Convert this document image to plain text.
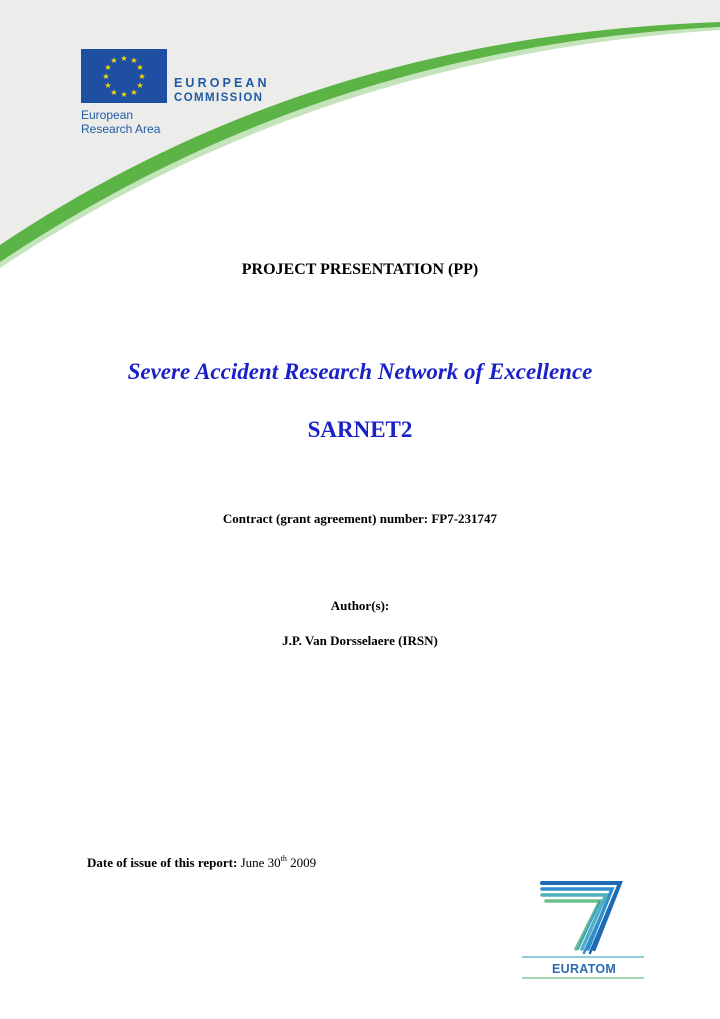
★ ★
★
★
★
★
★
★
★
★
★
★
EUROPEAN
COMMISSION
European
Research Area
PROJECT PRESENTATION (PP)
Severe Accident Research Network of Excellence
SARNET2
Contract (grant agreement) number: FP7-231747
Author(s):
J.P. Van Dorsselaere (IRSN)
Date of issue of this report: June 30th 2009
EURATOM
